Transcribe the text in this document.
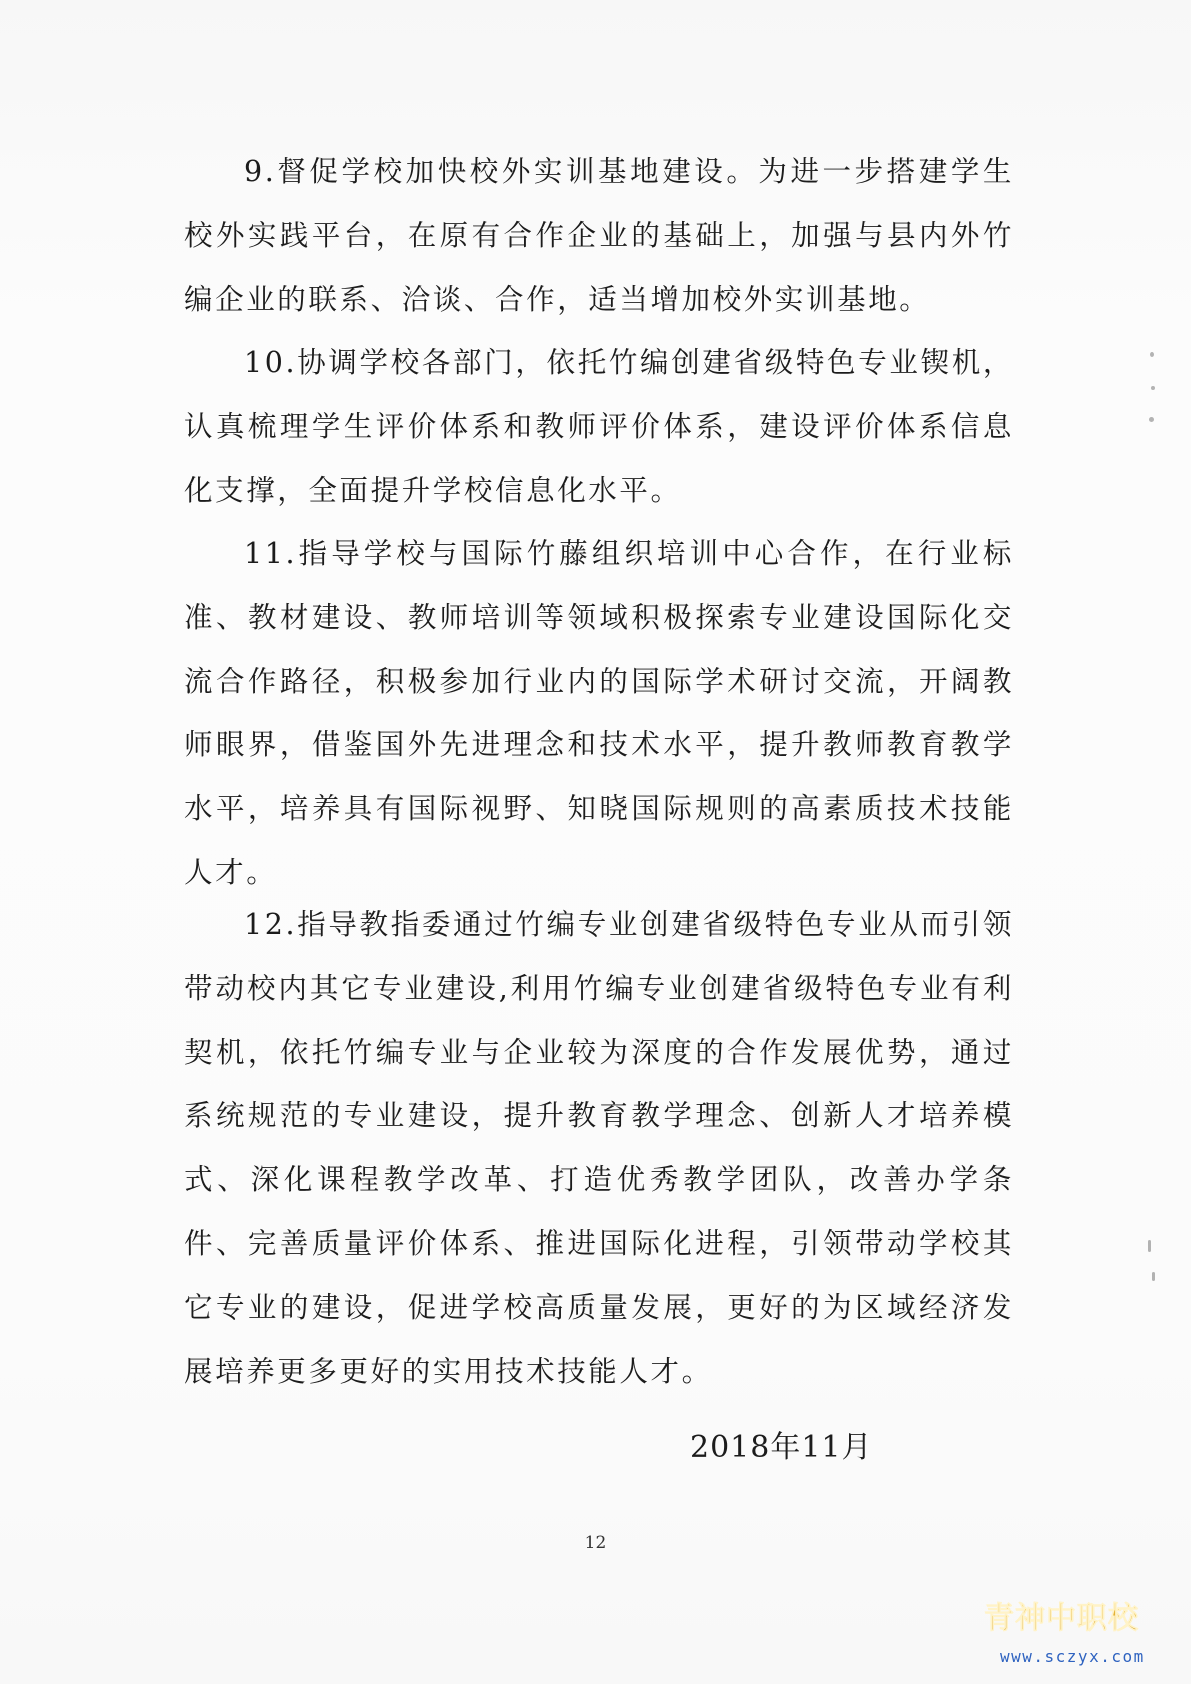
9.督促学校加快校外实训基地建设。为进一步搭建学生校外实践平台，在原有合作企业的基础上，加强与县内外竹编企业的联系、洽谈、合作，适当增加校外实训基地。

10.协调学校各部门，依托竹编创建省级特色专业锲机，认真梳理学生评价体系和教师评价体系，建设评价体系信息化支撑，全面提升学校信息化水平。

11.指导学校与国际竹藤组织培训中心合作，在行业标准、教材建设、教师培训等领域积极探索专业建设国际化交流合作路径，积极参加行业内的国际学术研讨交流，开阔教师眼界，借鉴国外先进理念和技术水平，提升教师教育教学水平，培养具有国际视野、知晓国际规则的高素质技术技能人才。

12.指导教指委通过竹编专业创建省级特色专业从而引领带动校内其它专业建设,利用竹编专业创建省级特色专业有利契机，依托竹编专业与企业较为深度的合作发展优势，通过系统规范的专业建设，提升教育教学理念、创新人才培养模式、深化课程教学改革、打造优秀教学团队，改善办学条件、完善质量评价体系、推进国际化进程，引领带动学校其它专业的建设，促进学校高质量发展，更好的为区域经济发展培养更多更好的实用技术技能人才。

2018年11月
12
青神中职校
www.sczyx.com
